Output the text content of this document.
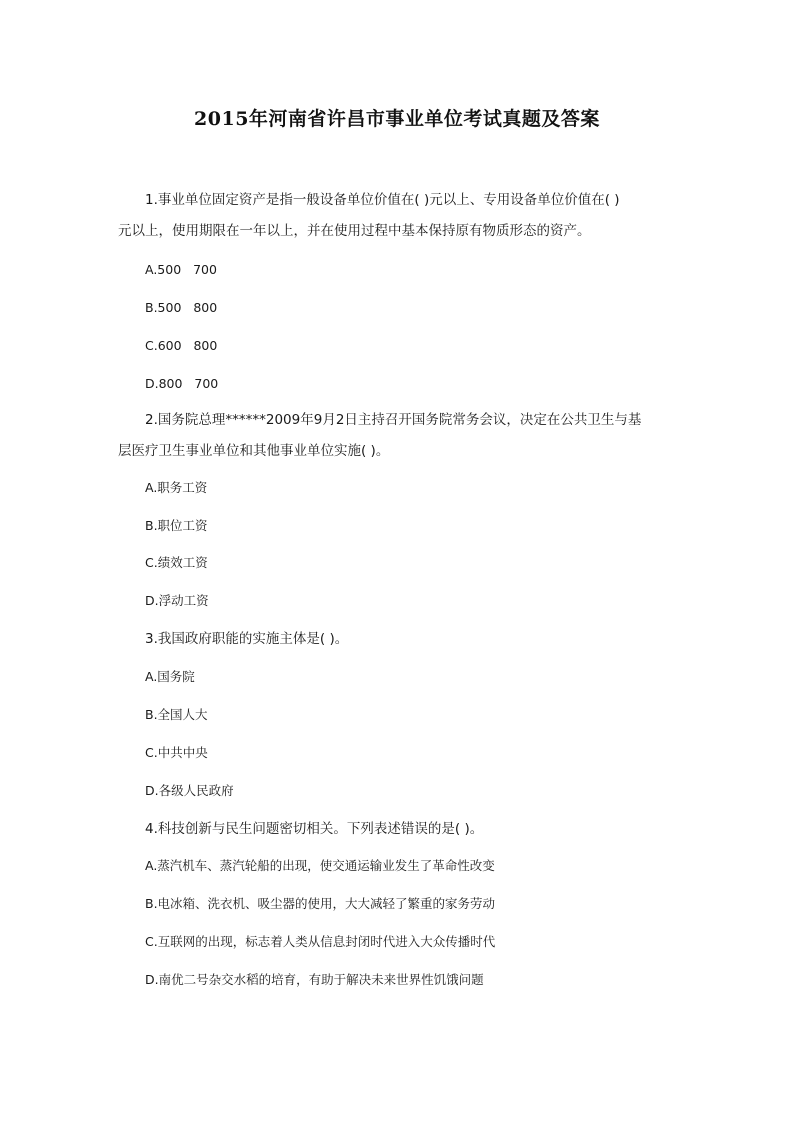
2015年河南省许昌市事业单位考试真题及答案
1.事业单位固定资产是指一般设备单位价值在( )元以上、专用设备单位价值在( )
元以上，使用期限在一年以上，并在使用过程中基本保持原有物质形态的资产。
A.500   700
B.500   800
C.600   800
D.800   700
2.国务院总理******2009年9月2日主持召开国务院常务会议，决定在公共卫生与基
层医疗卫生事业单位和其他事业单位实施( )。
A.职务工资
B.职位工资
C.绩效工资
D.浮动工资
3.我国政府职能的实施主体是( )。
A.国务院
B.全国人大
C.中共中央
D.各级人民政府
4.科技创新与民生问题密切相关。下列表述错误的是( )。
A.蒸汽机车、蒸汽轮船的出现，使交通运输业发生了革命性改变
B.电冰箱、洗衣机、吸尘器的使用，大大减轻了繁重的家务劳动
C.互联网的出现，标志着人类从信息封闭时代进入大众传播时代
D.南优二号杂交水稻的培育，有助于解决未来世界性饥饿问题
